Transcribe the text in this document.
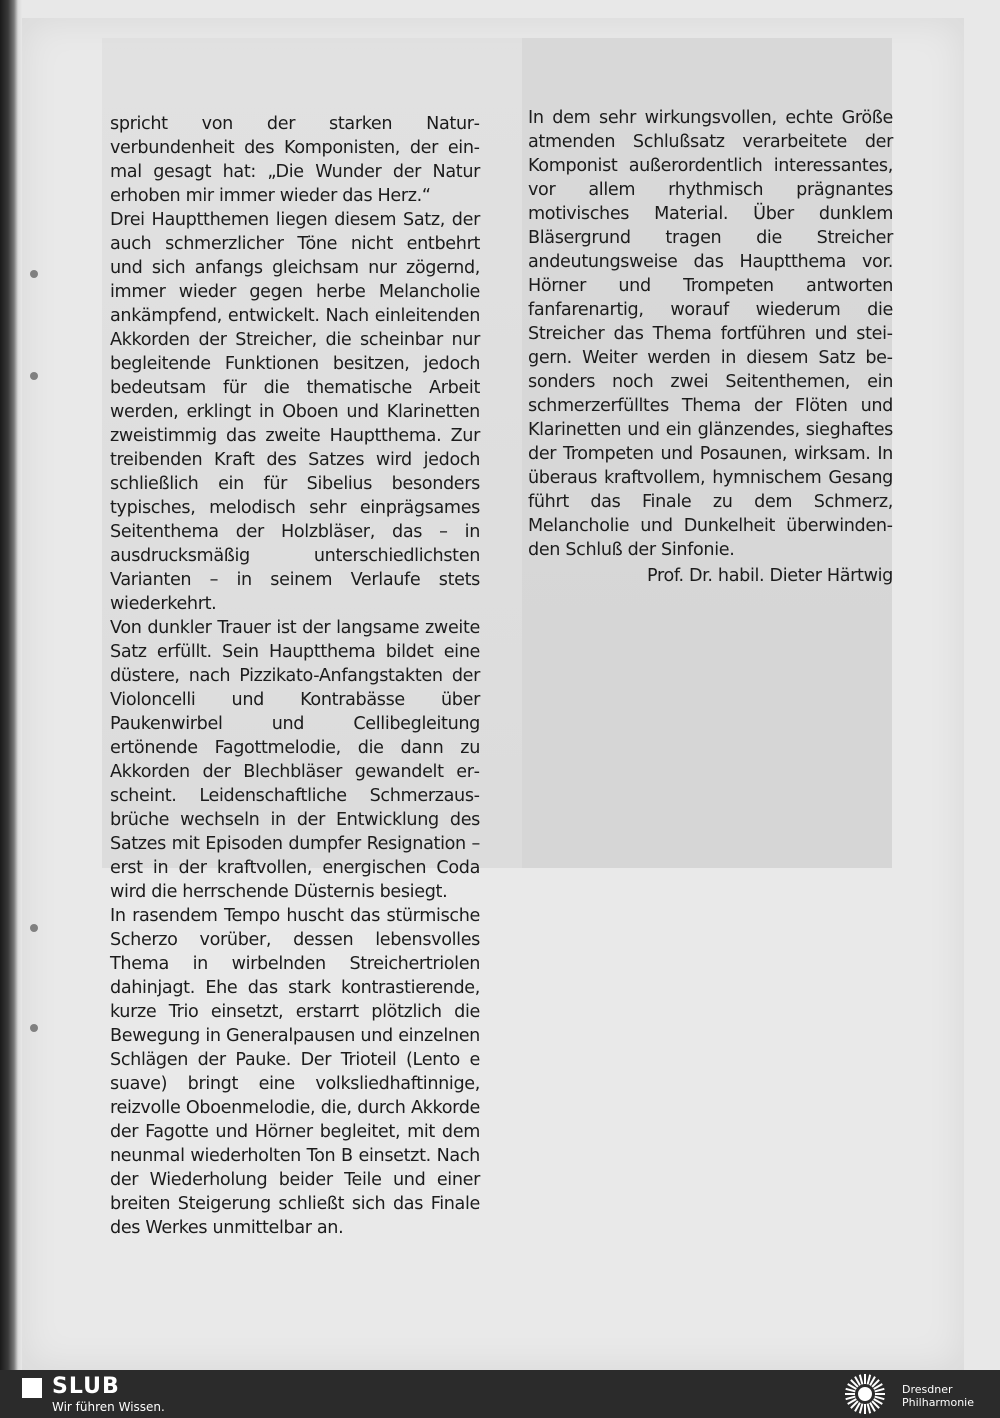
spricht von der starken Naturverbundenheit des Komponisten, der einmal gesagt hat: „Die Wunder der Natur erhoben mir immer wieder das Herz.“

Drei Hauptthemen liegen diesem Satz, der auch schmerzlicher Töne nicht entbehrt und sich anfangs gleichsam nur zögernd, immer wieder gegen herbe Melancholie ankämpfend, entwickelt. Nach einleitenden Akkorden der Streicher, die scheinbar nur begleitende Funktionen besitzen, jedoch bedeutsam für die thematische Arbeit werden, erklingt in Oboen und Klarinetten zweistimmig das zweite Hauptthema. Zur treibenden Kraft des Satzes wird jedoch schließlich ein für Sibelius besonders typisches, melodisch sehr einprägsames Seitenthema der Holzbläser, das – in ausdrucksmäßig unterschiedlichsten Varianten – in seinem Verlaufe stets wiederkehrt.

Von dunkler Trauer ist der langsame zweite Satz erfüllt. Sein Hauptthema bildet eine düstere, nach Pizzikato-Anfangstakten der Violoncelli und Kontrabässe über Paukenwirbel und Cellibegleitung ertönende Fagottmelodie, die dann zu Akkorden der Blechbläser gewandelt erscheint. Leidenschaftliche Schmerzausbrüche wechseln in der Entwicklung des Satzes mit Episoden dumpfer Resignation – erst in der kraftvollen, energischen Coda wird die herrschende Düsternis besiegt.

In rasendem Tempo huscht das stürmische Scherzo vorüber, dessen lebensvolles Thema in wirbelnden Streichertriolen dahinjagt. Ehe das stark kontrastierende, kurze Trio einsetzt, erstarrt plötzlich die Bewegung in Generalpausen und einzelnen Schlägen der Pauke. Der Trioteil (Lento e suave) bringt eine volksliedhaftinnige, reizvolle Oboenmelodie, die, durch Akkorde der Fagotte und Hörner begleitet, mit dem neunmal wiederholten Ton B einsetzt. Nach der Wiederholung beider Teile und einer breiten Steigerung schließt sich das Finale des Werkes unmittelbar an.

In dem sehr wirkungsvollen, echte Größe atmenden Schlußsatz verarbeitete der Komponist außerordentlich interessantes, vor allem rhythmisch prägnantes motivisches Material. Über dunklem Bläsergrund tragen die Streicher andeutungsweise das Hauptthema vor. Hörner und Trompeten antworten fanfarenartig, worauf wiederum die Streicher das Thema fortführen und steigern. Weiter werden in diesem Satz besonders noch zwei Seitenthemen, ein schmerzerfülltes Thema der Flöten und Klarinetten und ein glänzendes, sieghaftes der Trompeten und Posaunen, wirksam. In überaus kraftvollem, hymnischem Gesang führt das Finale zu dem Schmerz, Melancholie und Dunkelheit überwindenden Schluß der Sinfonie.

Prof. Dr. habil. Dieter Härtwig

SLUB
Wir führen Wissen.
Dresdner
Philharmonie
